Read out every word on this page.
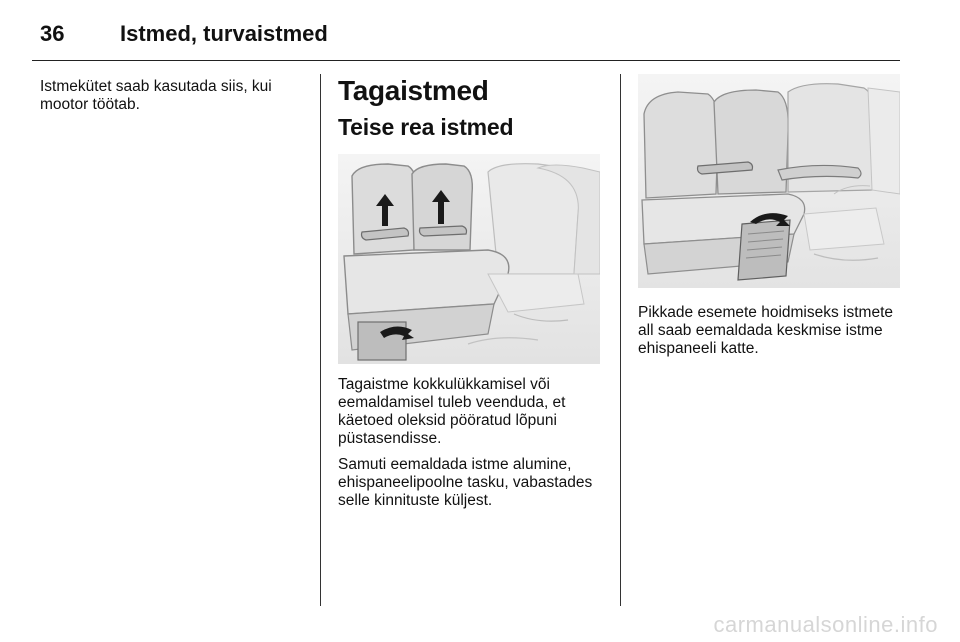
36	Istmed, turvaistmed

Istmekütet saab kasutada siis, kui mootor töötab.	Tagaistmed
Teise rea istmed

Tagaistme kokkulükkamisel või eemaldamisel tuleb veenduda, et käetoed oleksid pööratud lõpuni püstasendisse.

Samuti eemaldada istme alumine, ehispaneelipoolne tasku, vabastades selle kinnituste küljest.

Pikkade esemete hoidmiseks istmete all saab eemaldada keskmise istme ehispaneeli katte.

carmanualsonline.info
